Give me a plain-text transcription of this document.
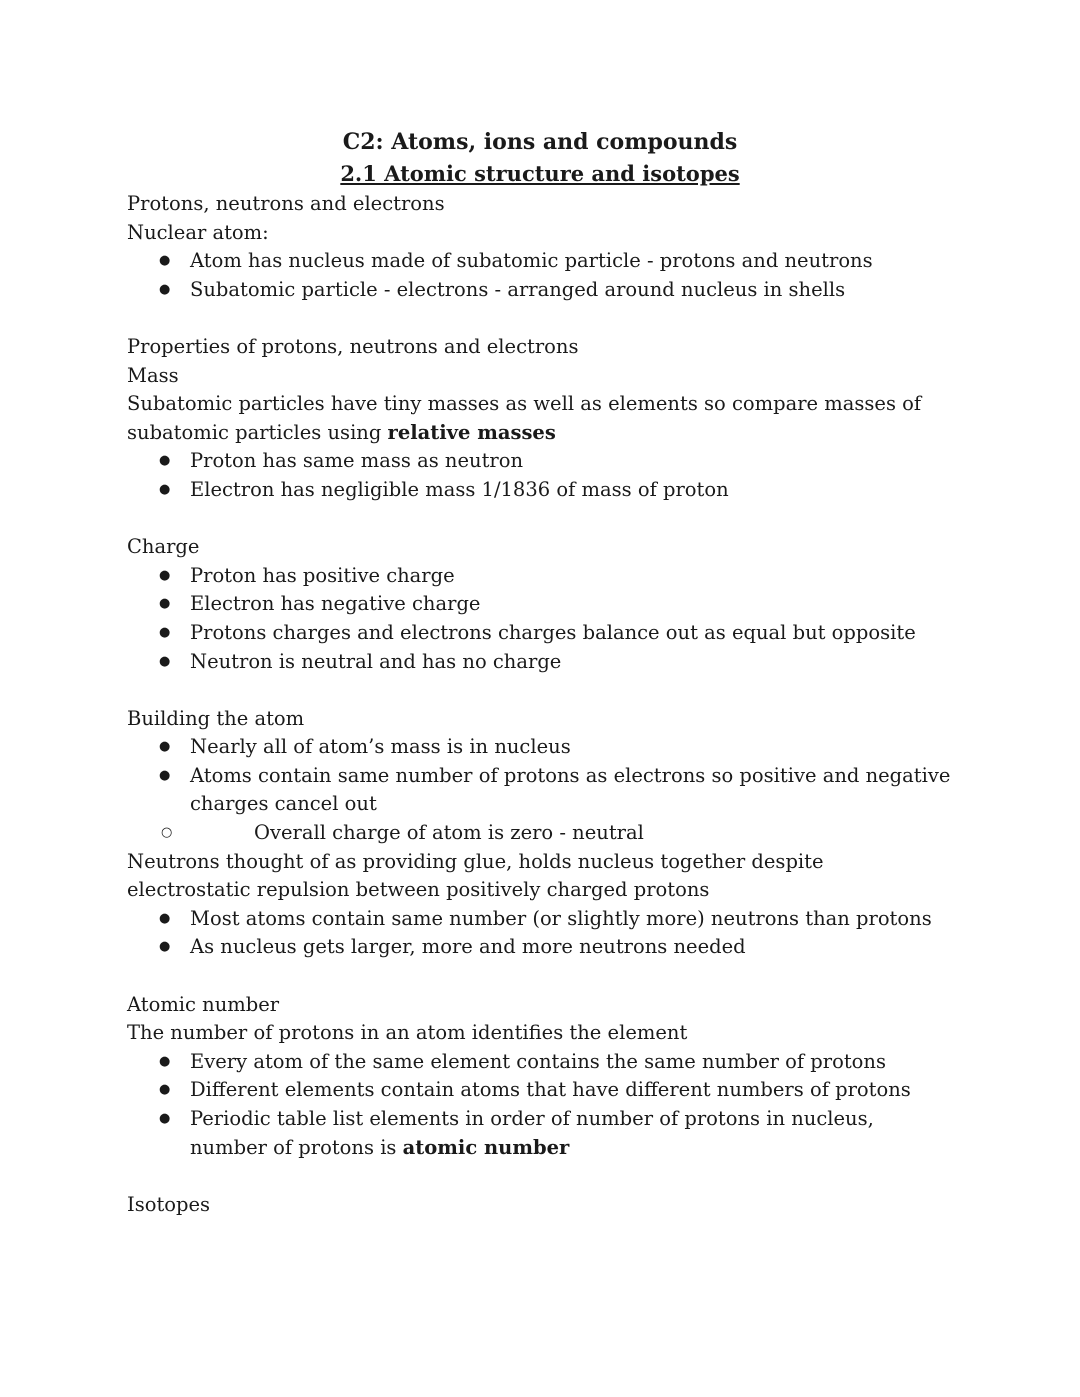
C2: Atoms, ions and compounds
2.1 Atomic structure and isotopes

Protons, neutrons and electrons

Nuclear atom:

● Atom has nucleus made of subatomic particle - protons and neutrons
● Subatomic particle - electrons - arranged around nucleus in shells

Properties of protons, neutrons and electrons

Mass

Subatomic particles have tiny masses as well as elements so compare masses of subatomic particles using relative masses

● Proton has same mass as neutron
● Electron has negligible mass 1/1836 of mass of proton

Charge

● Proton has positive charge
● Electron has negative charge
● Protons charges and electrons charges balance out as equal but opposite
● Neutron is neutral and has no charge

Building the atom

● Nearly all of atom’s mass is in nucleus
● Atoms contain same number of protons as electrons so positive and negative charges cancel out
○ Overall charge of atom is zero - neutral

Neutrons thought of as providing glue, holds nucleus together despite electrostatic repulsion between positively charged protons

● Most atoms contain same number (or slightly more) neutrons than protons
● As nucleus gets larger, more and more neutrons needed

Atomic number

The number of protons in an atom identifies the element

● Every atom of the same element contains the same number of protons
● Different elements contain atoms that have different numbers of protons
● Periodic table list elements in order of number of protons in nucleus, number of protons is atomic number

Isotopes
